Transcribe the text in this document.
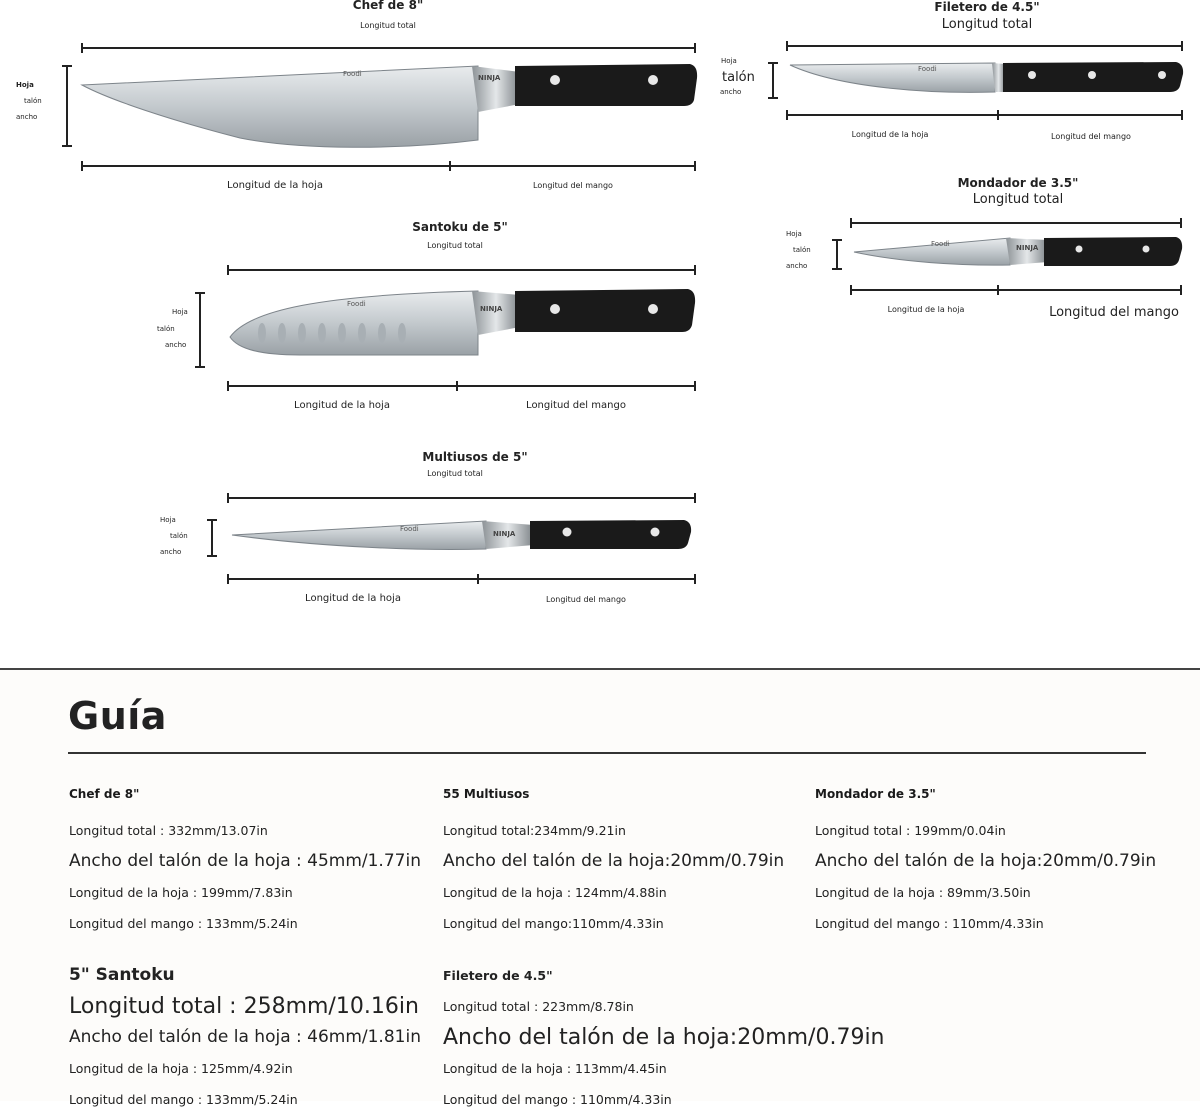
Chef de 8"
Longitud total
Hoja
talón
ancho
Foodi	NINJA
Longitud de la hoja	Longitud del mango
Santoku de 5"
Longitud total
Hoja
talón
ancho
Foodi
NINJA
Longitud de la hoja	Longitud del mango
Multiusos de 5"
Longitud total
Hoja
talón
ancho
Foodi
NINJA
Longitud de la hoja	Longitud del mango
Filetero de 4.5"
Longitud total
Hoja
talón
ancho
Foodi
Longitud de la hoja	Longitud del mango
Mondador de 3.5"
Longitud total
Hoja
talón
ancho
Foodi	NINJA
Longitud de la hoja	Longitud del mango
Guía
Chef de 8"
Longitud total : 332mm/13.07in
Ancho del talón de la hoja : 45mm/1.77in
Longitud de la hoja : 199mm/7.83in
Longitud del mango : 133mm/5.24in
55 Multiusos
Longitud total:234mm/9.21in
Ancho del talón de la hoja:20mm/0.79in
Longitud de la hoja : 124mm/4.88in
Longitud del mango:110mm/4.33in
Mondador de 3.5"
Longitud total : 199mm/0.04in
Ancho del talón de la hoja:20mm/0.79in
Longitud de la hoja : 89mm/3.50in
Longitud del mango : 110mm/4.33in
5" Santoku
Longitud total : 258mm/10.16in
Ancho del talón de la hoja : 46mm/1.81in
Longitud de la hoja : 125mm/4.92in
Longitud del mango : 133mm/5.24in
Filetero de 4.5"
Longitud total : 223mm/8.78in
Ancho del talón de la hoja:20mm/0.79in
Longitud de la hoja : 113mm/4.45in
Longitud del mango : 110mm/4.33in
